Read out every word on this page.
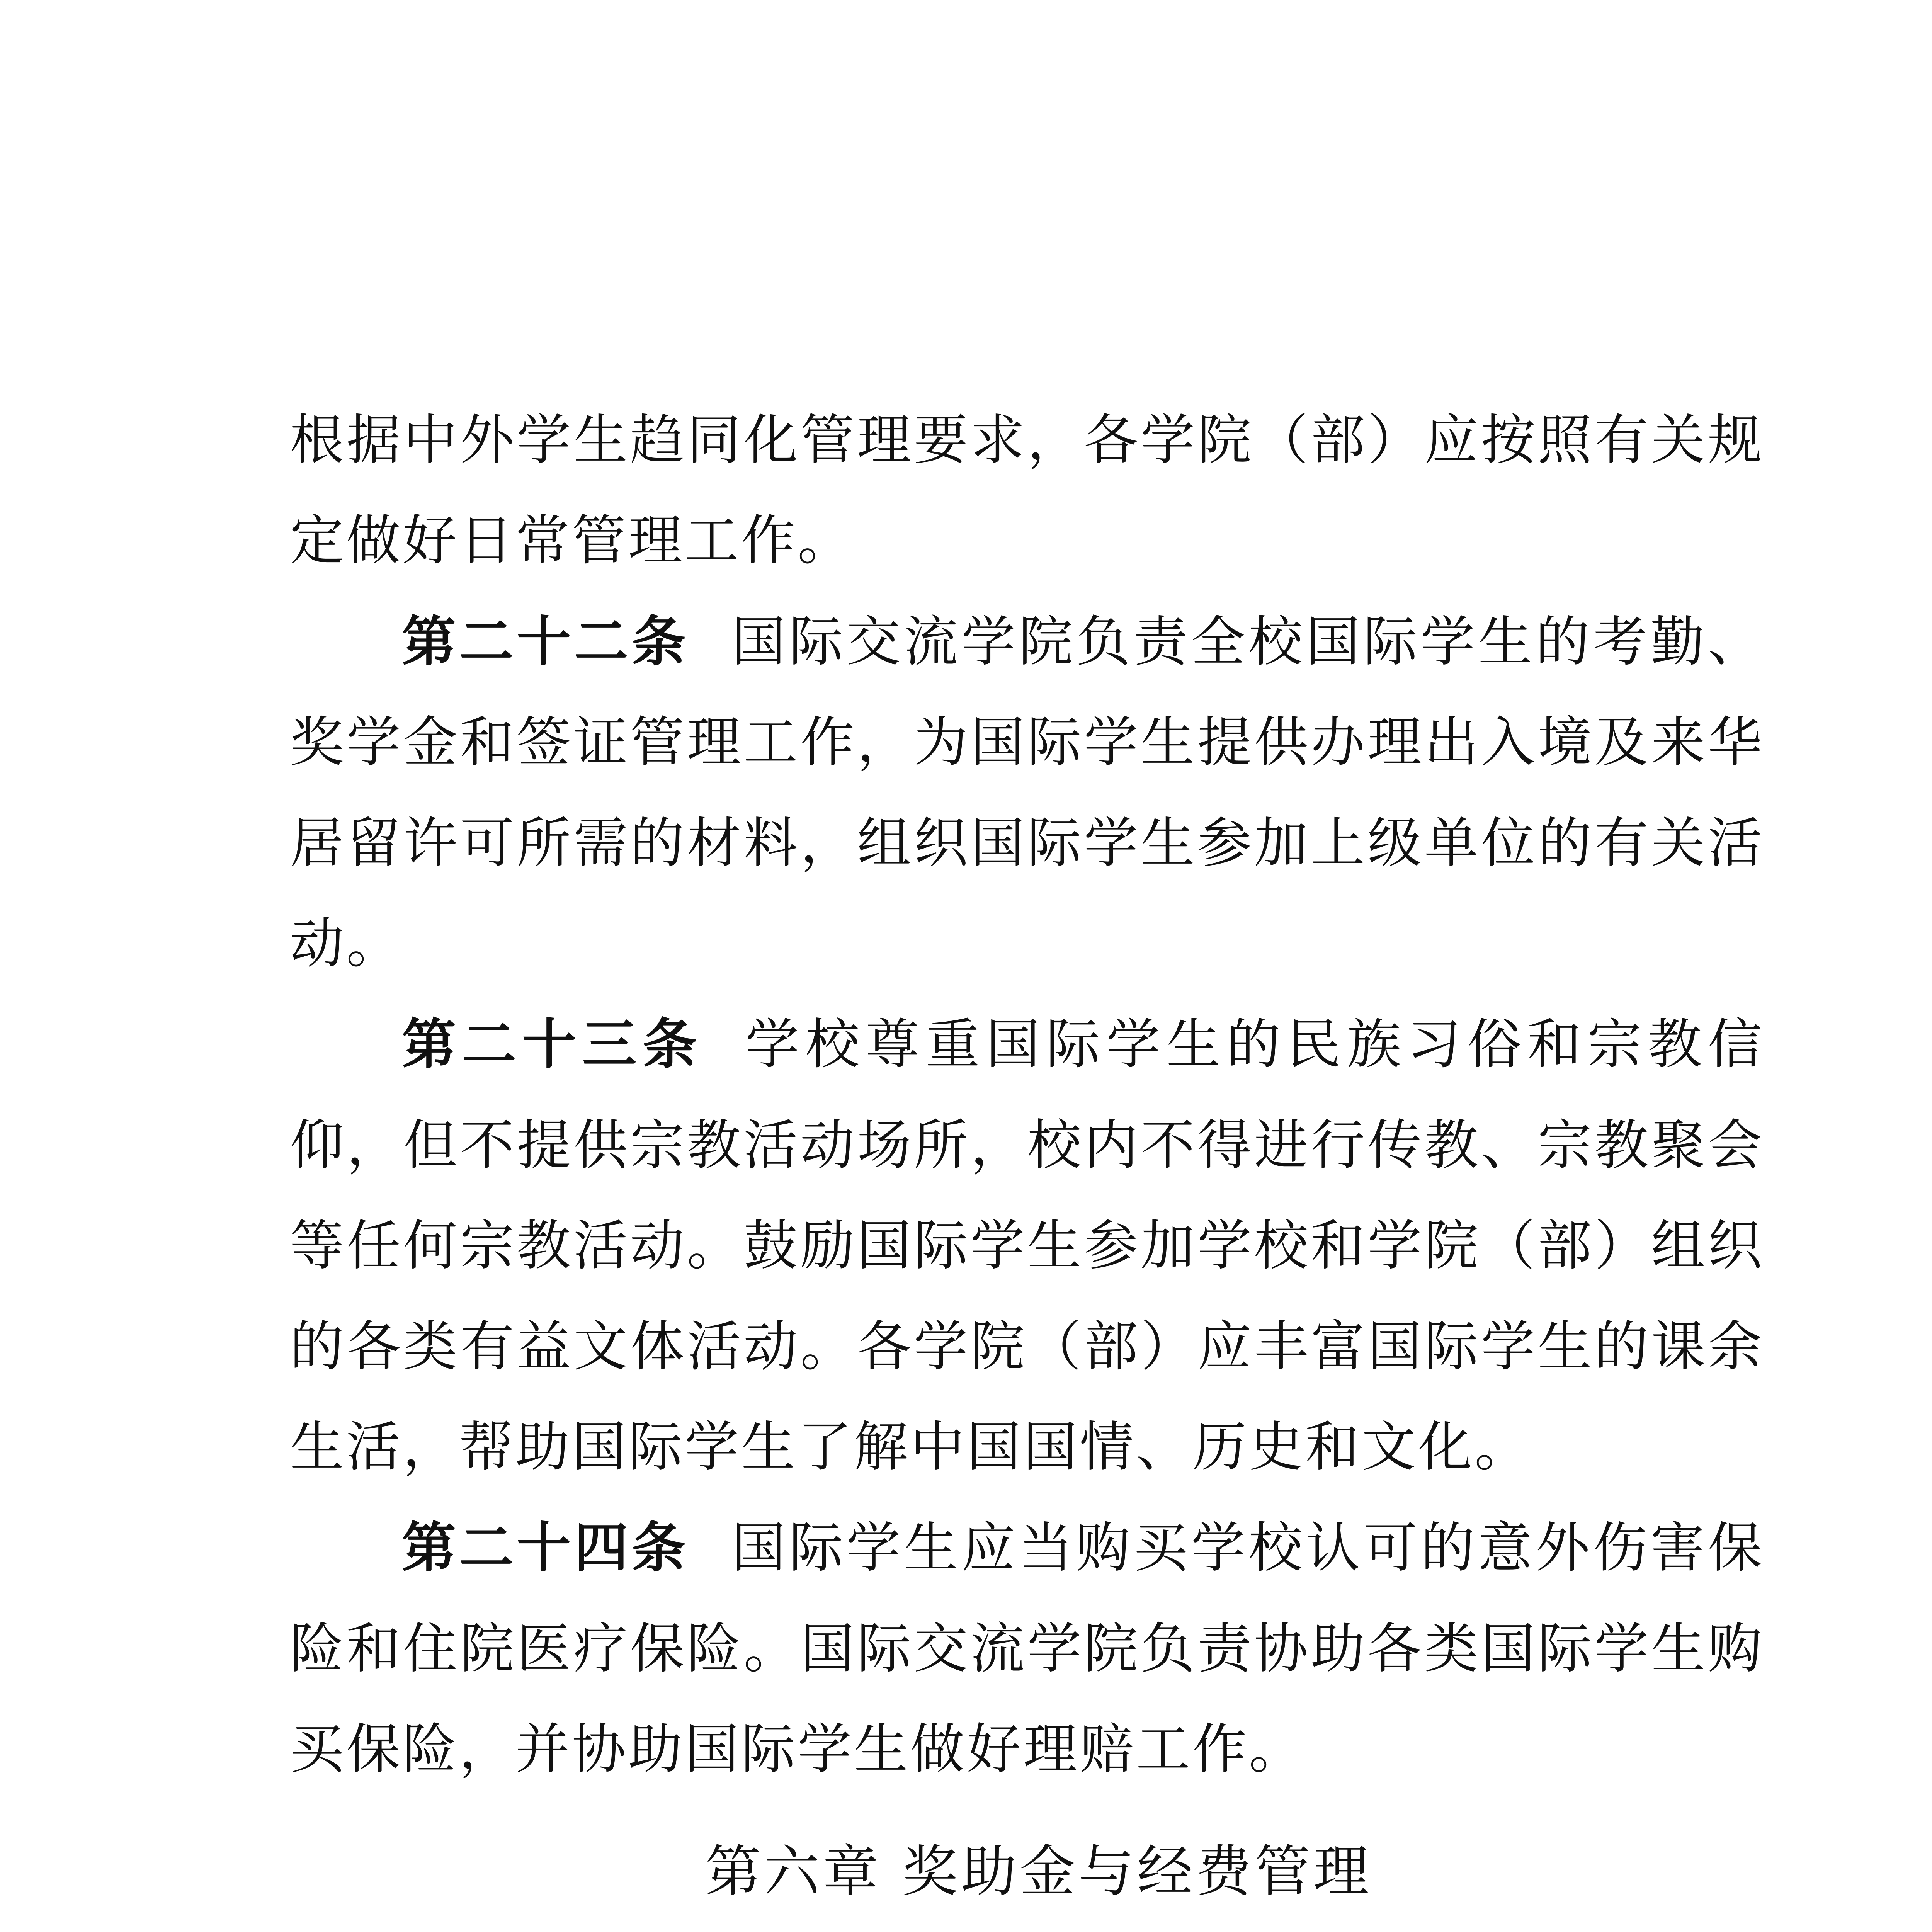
根据中外学生趋同化管理要求，各学院（部）应按照有关规
定做好日常管理工作。
第二十二条 国际交流学院负责全校国际学生的考勤、
奖学金和签证管理工作，为国际学生提供办理出入境及来华
居留许可所需的材料，组织国际学生参加上级单位的有关活
动。
第二十三条 学校尊重国际学生的民族习俗和宗教信
仰，但不提供宗教活动场所，校内不得进行传教、宗教聚会
等任何宗教活动。鼓励国际学生参加学校和学院（部）组织
的各类有益文体活动。各学院（部）应丰富国际学生的课余
生活，帮助国际学生了解中国国情、历史和文化。
第二十四条 国际学生应当购买学校认可的意外伤害保
险和住院医疗保险。国际交流学院负责协助各类国际学生购
买保险，并协助国际学生做好理赔工作。
第六章 奖助金与经费管理
